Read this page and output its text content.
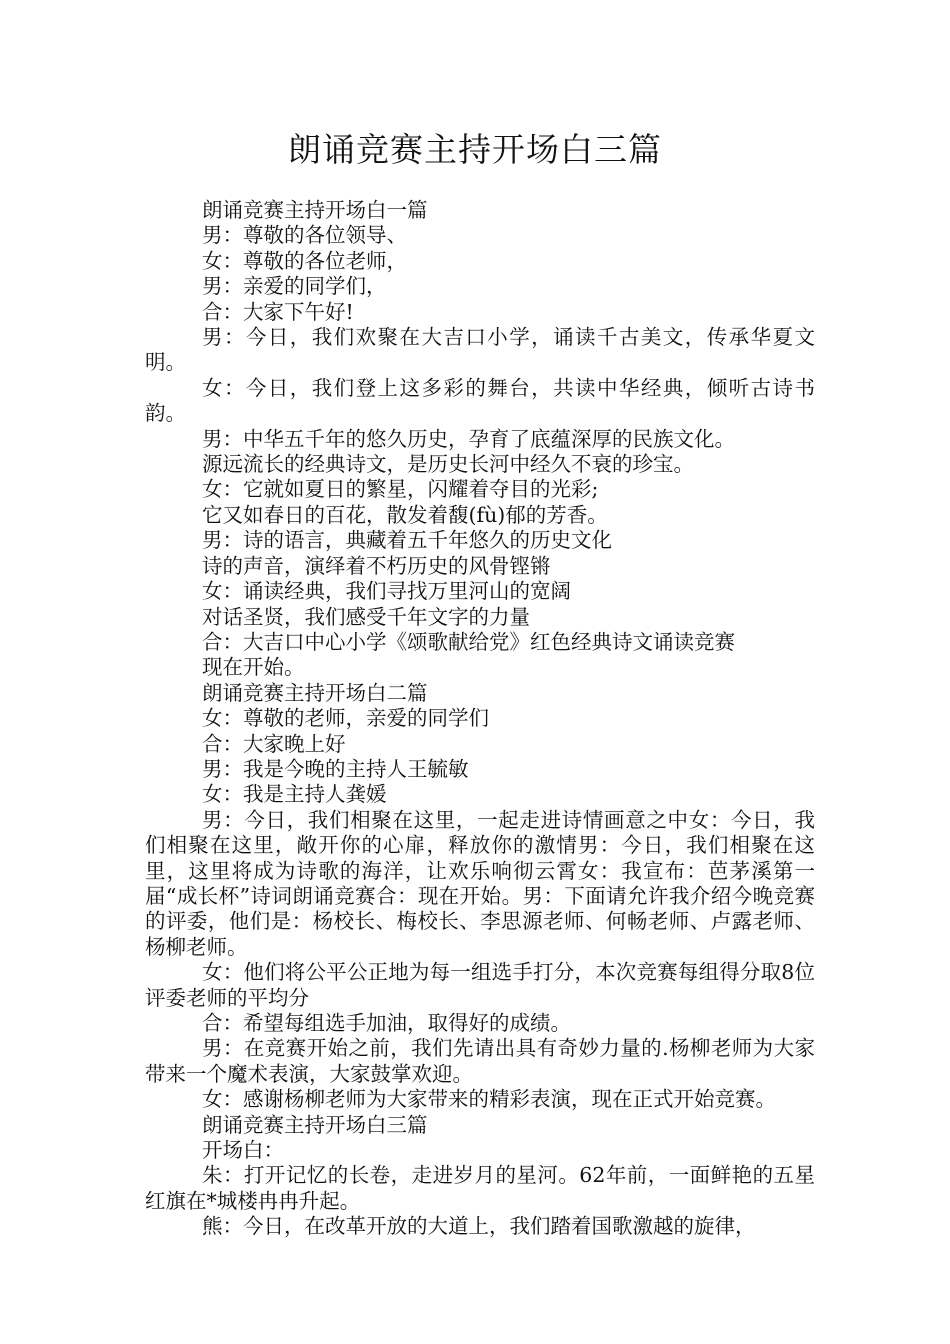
朗诵竞赛主持开场白三篇

朗诵竞赛主持开场白一篇

男：尊敬的各位领导、

女：尊敬的各位老师，

男：亲爱的同学们，

合：大家下午好!

男：今日，我们欢聚在大吉口小学，诵读千古美文，传承华夏文明。

女：今日，我们登上这多彩的舞台，共读中华经典，倾听古诗书韵。

男：中华五千年的悠久历史，孕育了底蕴深厚的民族文化。

源远流长的经典诗文，是历史长河中经久不衰的珍宝。

女：它就如夏日的繁星，闪耀着夺目的光彩;

它又如春日的百花，散发着馥(fù)郁的芳香。

男：诗的语言，典藏着五千年悠久的历史文化

诗的声音，演绎着不朽历史的风骨铿锵

女：诵读经典，我们寻找万里河山的宽阔

对话圣贤，我们感受千年文字的力量

合：大吉口中心小学《颂歌献给党》红色经典诗文诵读竞赛

现在开始。

朗诵竞赛主持开场白二篇

女：尊敬的老师，亲爱的同学们

合：大家晚上好

男：我是今晚的主持人王毓敏

女：我是主持人龚媛

男：今日，我们相聚在这里，一起走进诗情画意之中女：今日，我们相聚在这里，敞开你的心扉，释放你的激情男：今日，我们相聚在这里，这里将成为诗歌的海洋，让欢乐响彻云霄女：我宣布：芭茅溪第一届“成长杯”诗词朗诵竞赛合：现在开始。男：下面请允许我介绍今晚竞赛的评委，他们是：杨校长、梅校长、李思源老师、何畅老师、卢露老师、杨柳老师。

女：他们将公平公正地为每一组选手打分，本次竞赛每组得分取8位评委老师的平均分

合：希望每组选手加油，取得好的成绩。

男：在竞赛开始之前，我们先请出具有奇妙力量的.杨柳老师为大家带来一个魔术表演，大家鼓掌欢迎。

女：感谢杨柳老师为大家带来的精彩表演，现在正式开始竞赛。

朗诵竞赛主持开场白三篇

开场白：

朱：打开记忆的长卷，走进岁月的星河。62年前，一面鲜艳的五星红旗在*城楼冉冉升起。

熊：今日，在改革开放的大道上，我们踏着国歌激越的旋律，
